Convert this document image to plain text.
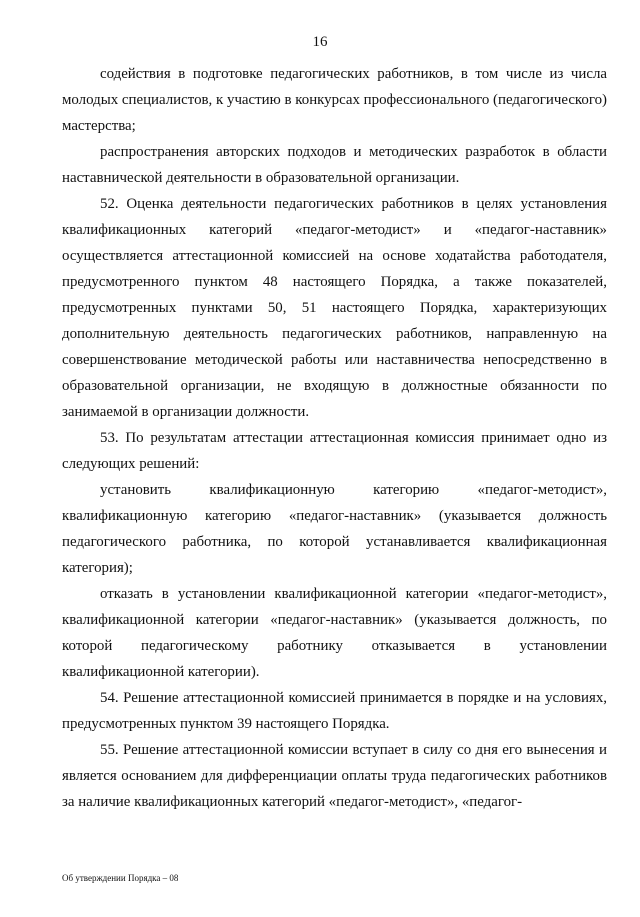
16

содействия в подготовке педагогических работников, в том числе из числа молодых специалистов, к участию в конкурсах профессионального (педагогического) мастерства;

распространения авторских подходов и методических разработок в области наставнической деятельности в образовательной организации.

52. Оценка деятельности педагогических работников в целях установления квалификационных категорий «педагог-методист» и «педагог-наставник» осуществляется аттестационной комиссией на основе ходатайства работодателя, предусмотренного пунктом 48 настоящего Порядка, а также показателей, предусмотренных пунктами 50, 51 настоящего Порядка, характеризующих дополнительную деятельность педагогических работников, направленную на совершенствование методической работы или наставничества непосредственно в образовательной организации, не входящую в должностные обязанности по занимаемой в организации должности.

53. По результатам аттестации аттестационная комиссия принимает одно из следующих решений:

установить квалификационную категорию «педагог-методист», квалификационную категорию «педагог-наставник» (указывается должность педагогического работника, по которой устанавливается квалификационная категория);

отказать в установлении квалификационной категории «педагог-методист», квалификационной категории «педагог-наставник» (указывается должность, по которой педагогическому работнику отказывается в установлении квалификационной категории).

54. Решение аттестационной комиссией принимается в порядке и на условиях, предусмотренных пунктом 39 настоящего Порядка.

55. Решение аттестационной комиссии вступает в силу со дня его вынесения и является основанием для дифференциации оплаты труда педагогических работников за наличие квалификационных категорий «педагог-методист», «педагог-

Об утверждении Порядка – 08
